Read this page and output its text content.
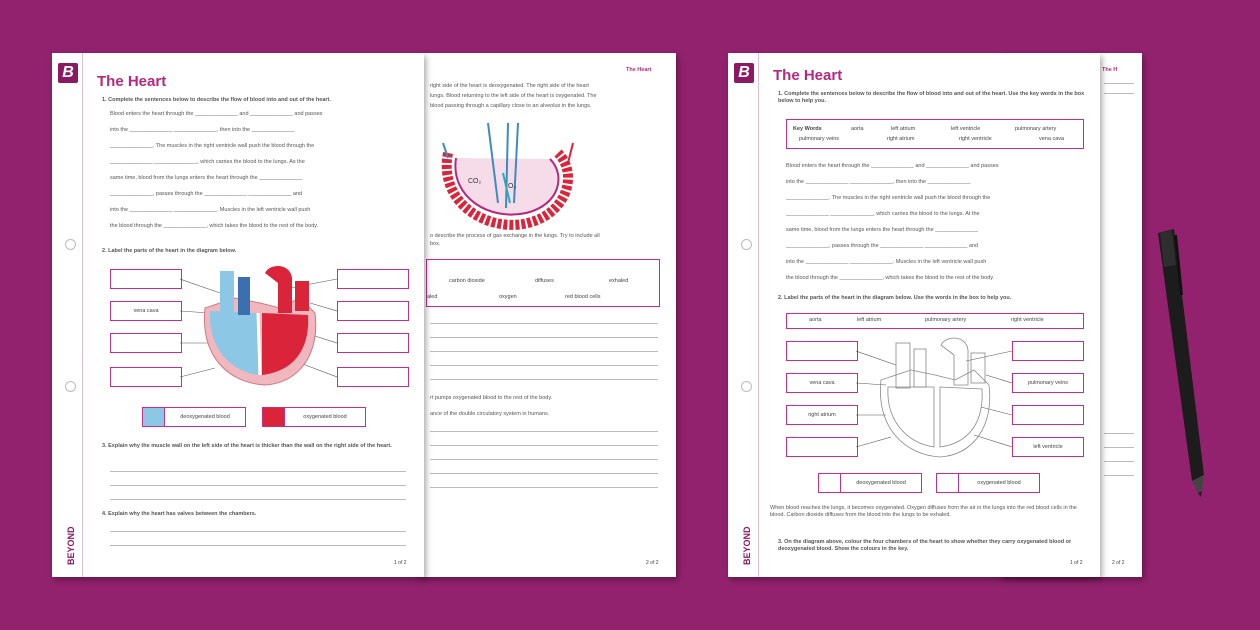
The Heart
right side of the heart is deoxygenated. The right side of the heart
lungs. Blood returning to the left side of the heart is oxygenated. The
blood passing through a capillary close to an alveolus in the lungs.
CO₂
O₂
o describe the process of gas exchange in the lungs. Try to include all
box.
carbon dioxide	diffuses	exhaled
aled	oxygen	red blood cells
rt pumps oxygenated blood to the rest of the body.
ance of the double circulatory system in humans.
2 of 2
B
BEYOND
The Heart
1. Complete the sentences below to describe the flow of blood into and out of the heart.
Blood enters the heart through the ______________ and ______________ and passes
into the ______________ ______________, then into the ______________
______________. The muscles in the right ventricle wall push the blood through the
______________ ______________, which carries the blood to the lungs. As the
same time, blood from the lungs enters the heart through the ______________
______________, passes through the ______________ ______________ and
into the ______________ ______________. Muscles in the left ventricle wall push
the blood through the ______________, which takes the blood to the rest of the body.
2. Label the parts of the heart in the diagram below.
vena cava
deoxygenated blood	oxygenated blood
3. Explain why the muscle wall on the left side of the heart is thicker than the wall on the right side of the heart.
4. Explain why the heart has valves between the chambers.
1 of 2
The H
2 of 2
B
BEYOND
The Heart
1. Complete the sentences below to describe the flow of blood into and out of the heart. Use the key words in the box below to help you.
Key Words	aorta	left atrium	left ventricle	pulmonary artery
pulmonary veins	right atrium	right ventricle	vena cava
Blood enters the heart through the ______________ and ______________ and passes
into the ______________ ______________, then into the ______________
______________. The muscles in the right ventricle wall push the blood through the
______________ ______________, which carries the blood to the lungs. At the
same time, blood from the lungs enters the heart through the ______________
______________, passes through the ______________ ______________ and
into the ______________ ______________. Muscles in the left ventricle wall push
the blood through the ______________, which takes the blood to the rest of the body.
2. Label the parts of the heart in the diagram below. Use the words in the box to help you.
aorta	left atrium	pulmonary artery	right ventricle
vena cava
right atrium
pulmonary veins
left ventricle
deoxygenated blood	oxygenated blood
When blood reaches the lungs, it becomes oxygenated. Oxygen diffuses from the air in the lungs into the red blood cells in the blood. Carbon dioxide diffuses from the blood into the lungs to be exhaled.
3. On the diagram above, colour the four chambers of the heart to show whether they carry oxygenated blood or deoxygenated blood. Show the colours in the key.
1 of 2
